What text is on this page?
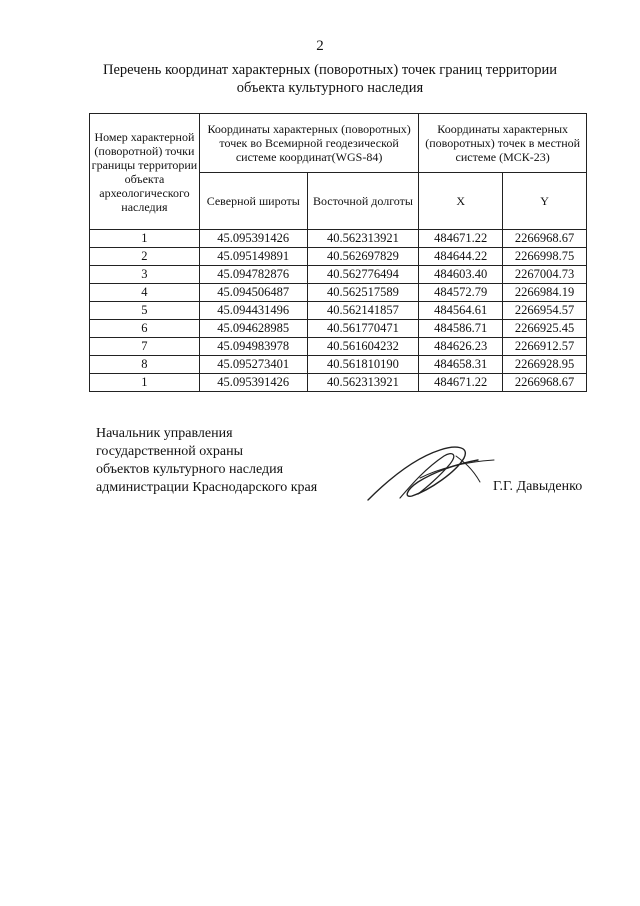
2
Перечень координат характерных (поворотных) точек границ территории
объекта культурного наследия
Номер характерной (поворотной) точки границы территории объекта археологического наследия	Координаты характерных (поворотных) точек во Всемирной геодезической системе координат(WGS-84)		Координаты характерных (поворотных) точек в местной системе (МСК-23)	
	Северной широты	Восточной долготы	X	Y
1	45.095391426	40.562313921	484671.22	2266968.67
2	45.095149891	40.562697829	484644.22	2266998.75
3	45.094782876	40.562776494	484603.40	2267004.73
4	45.094506487	40.562517589	484572.79	2266984.19
5	45.094431496	40.562141857	484564.61	2266954.57
6	45.094628985	40.561770471	484586.71	2266925.45
7	45.094983978	40.561604232	484626.23	2266912.57
8	45.095273401	40.561810190	484658.31	2266928.95
1	45.095391426	40.562313921	484671.22	2266968.67
Начальник управления
государственной охраны
объектов культурного наследия
администрации Краснодарского края	Г.Г. Давыденко
